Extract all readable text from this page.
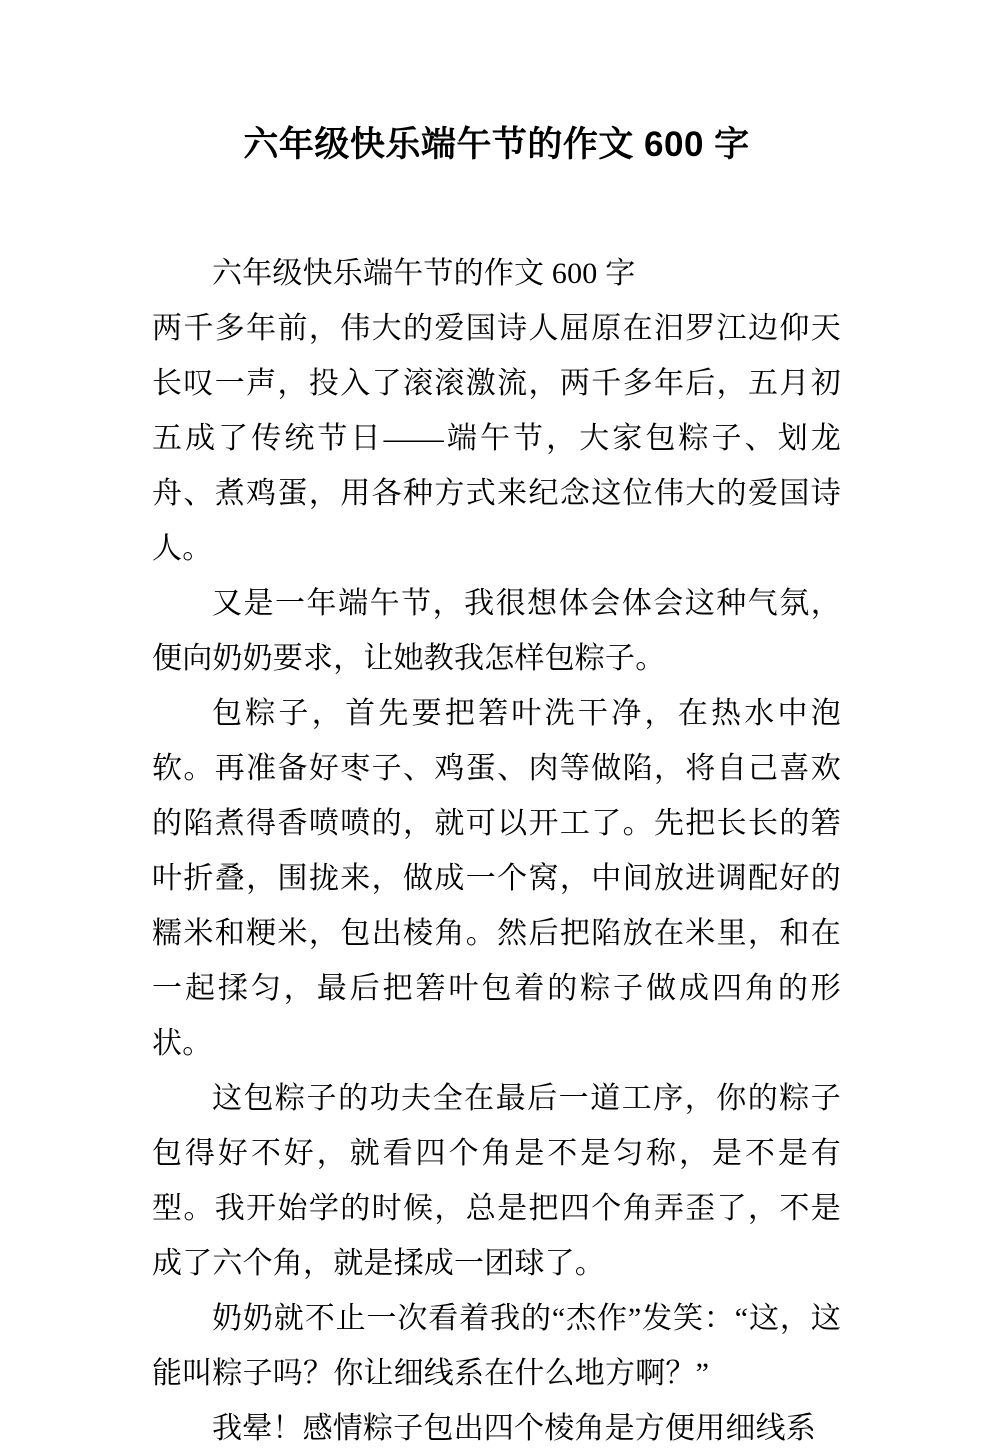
六年级快乐端午节的作文 600 字

六年级快乐端午节的作文 600 字

两千多年前，伟大的爱国诗人屈原在汨罗江边仰天长叹一声，投入了滚滚激流，两千多年后，五月初五成了传统节日——端午节，大家包粽子、划龙舟、煮鸡蛋，用各种方式来纪念这位伟大的爱国诗人。

又是一年端午节，我很想体会体会这种气氛，便向奶奶要求，让她教我怎样包粽子。

包粽子，首先要把箬叶洗干净，在热水中泡软。再准备好枣子、鸡蛋、肉等做陷，将自己喜欢的陷煮得香喷喷的，就可以开工了。先把长长的箬叶折叠，围拢来，做成一个窝，中间放进调配好的糯米和粳米，包出棱角。然后把陷放在米里，和在一起揉匀，最后把箬叶包着的粽子做成四角的形状。

这包粽子的功夫全在最后一道工序，你的粽子包得好不好，就看四个角是不是匀称，是不是有型。我开始学的时候，总是把四个角弄歪了，不是成了六个角，就是揉成一团球了。

奶奶就不止一次看着我的“杰作”发笑：“这，这能叫粽子吗？你让细线系在什么地方啊？”

我晕！感情粽子包出四个棱角是方便用细线系
